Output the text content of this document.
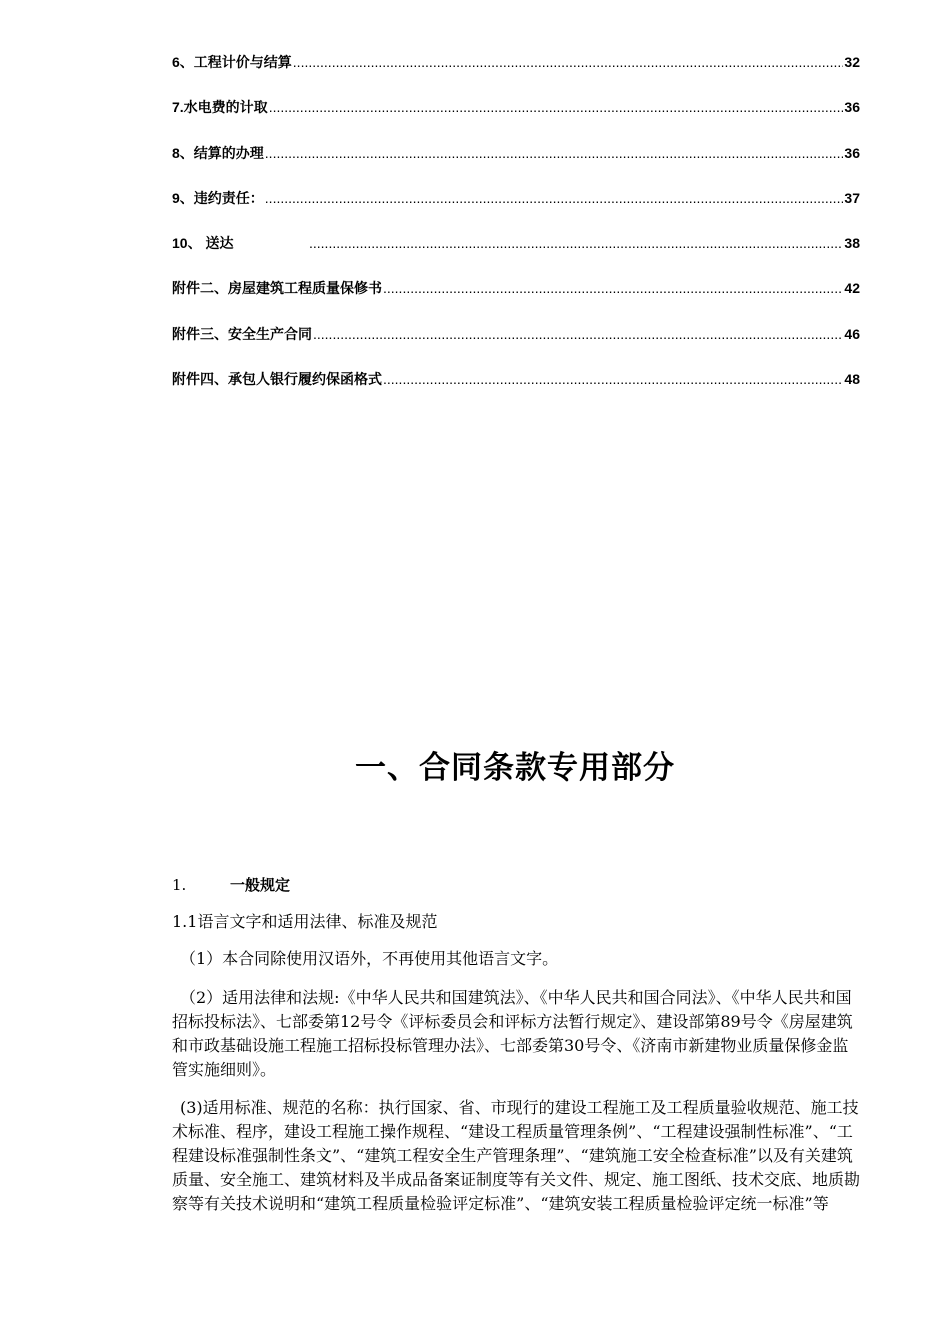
6、工程计价与结算 .....	32
7.水电费的计取 .....	36
8、结算的办理 .....	36
9、违约责任： .....	37
10、 送达 .....	38
附件二、房屋建筑工程质量保修书 .....	42
附件三、安全生产合同 .....	46
附件四、承包人银行履约保函格式 .....	48
一、合同条款专用部分
1.	一般规定
1.1语言文字和适用法律、标准及规范
（1）本合同除使用汉语外，不再使用其他语言文字。
（2）适用法律和法规:《中华人民共和国建筑法》、《中华人民共和国合同法》、《中华人民共和国招标投标法》、七部委第12号令《评标委员会和评标方法暂行规定》、建设部第89号令《房屋建筑和市政基础设施工程施工招标投标管理办法》、七部委第30号令、《济南市新建物业质量保修金监管实施细则》。
(3)适用标准、规范的名称：执行国家、省、市现行的建设工程施工及工程质量验收规范、施工技术标准、程序，建设工程施工操作规程、“建设工程质量管理条例”、“工程建设强制性标准”、“工程建设标准强制性条文”、“建筑工程安全生产管理条理”、“建筑施工安全检查标准”以及有关建筑质量、安全施工、建筑材料及半成品备案证制度等有关文件、规定、施工图纸、技术交底、地质勘察等有关技术说明和“建筑工程质量检验评定标准”、“建筑安装工程质量检验评定统一标准”等
